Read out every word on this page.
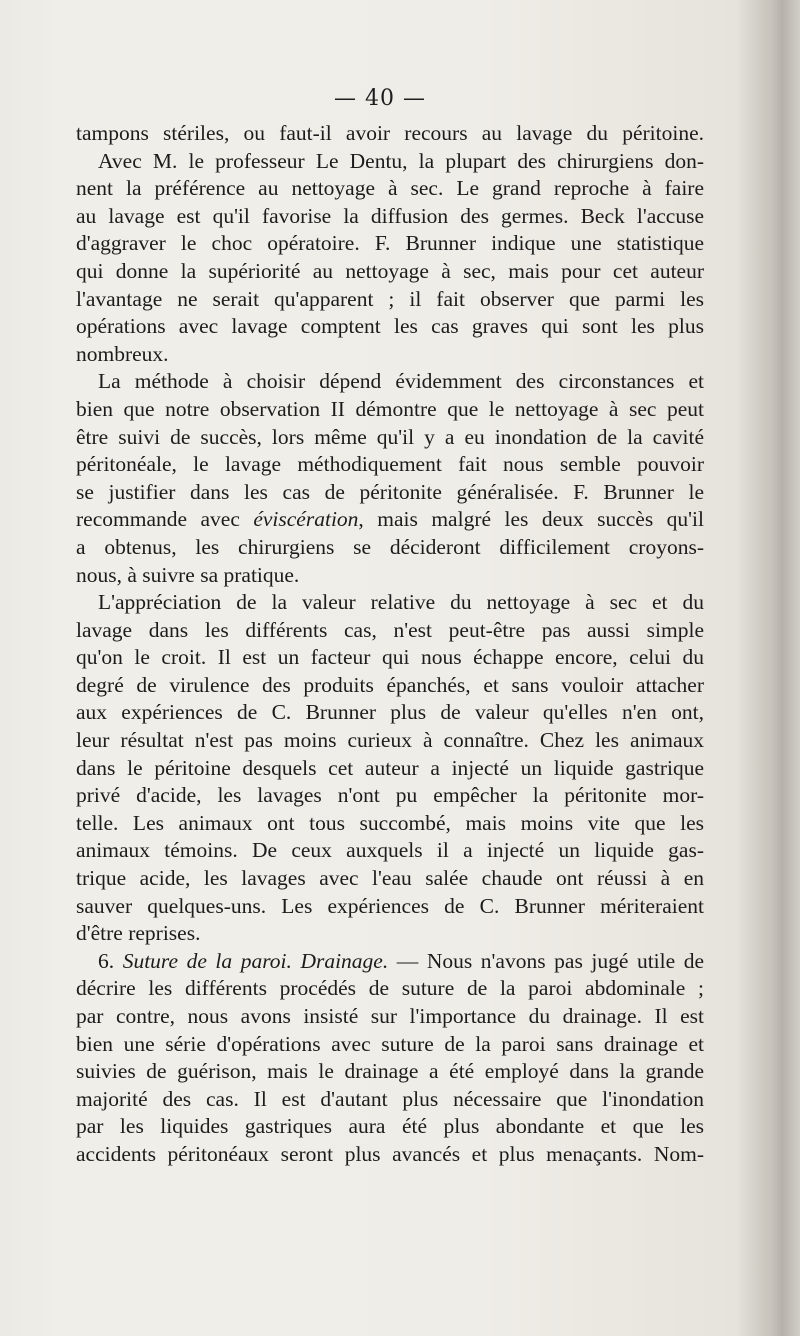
— 40 —
tampons stériles, ou faut-il avoir recours au lavage du péritoine.
Avec M. le professeur Le Dentu, la plupart des chirurgiens don-
nent la préférence au nettoyage à sec. Le grand reproche à faire
au lavage est qu'il favorise la diffusion des germes. Beck l'accuse
d'aggraver le choc opératoire. F. Brunner indique une statistique
qui donne la supériorité au nettoyage à sec, mais pour cet auteur
l'avantage ne serait qu'apparent ; il fait observer que parmi les
opérations avec lavage comptent les cas graves qui sont les plus
nombreux.
La méthode à choisir dépend évidemment des circonstances et
bien que notre observation II démontre que le nettoyage à sec peut
être suivi de succès, lors même qu'il y a eu inondation de la cavité
péritonéale, le lavage méthodiquement fait nous semble pouvoir
se justifier dans les cas de péritonite généralisée. F. Brunner le
recommande avec éviscération, mais malgré les deux succès qu'il
a obtenus, les chirurgiens se décideront difficilement croyons-
nous, à suivre sa pratique.
L'appréciation de la valeur relative du nettoyage à sec et du
lavage dans les différents cas, n'est peut-être pas aussi simple
qu'on le croit. Il est un facteur qui nous échappe encore, celui du
degré de virulence des produits épanchés, et sans vouloir attacher
aux expériences de C. Brunner plus de valeur qu'elles n'en ont,
leur résultat n'est pas moins curieux à connaître. Chez les animaux
dans le péritoine desquels cet auteur a injecté un liquide gastrique
privé d'acide, les lavages n'ont pu empêcher la péritonite mor-
telle. Les animaux ont tous succombé, mais moins vite que les
animaux témoins. De ceux auxquels il a injecté un liquide gas-
trique acide, les lavages avec l'eau salée chaude ont réussi à en
sauver quelques-uns. Les expériences de C. Brunner mériteraient
d'être reprises.
6. Suture de la paroi. Drainage. — Nous n'avons pas jugé utile de
décrire les différents procédés de suture de la paroi abdominale ;
par contre, nous avons insisté sur l'importance du drainage. Il est
bien une série d'opérations avec suture de la paroi sans drainage et
suivies de guérison, mais le drainage a été employé dans la grande
majorité des cas. Il est d'autant plus nécessaire que l'inondation
par les liquides gastriques aura été plus abondante et que les
accidents péritonéaux seront plus avancés et plus menaçants. Nom-
